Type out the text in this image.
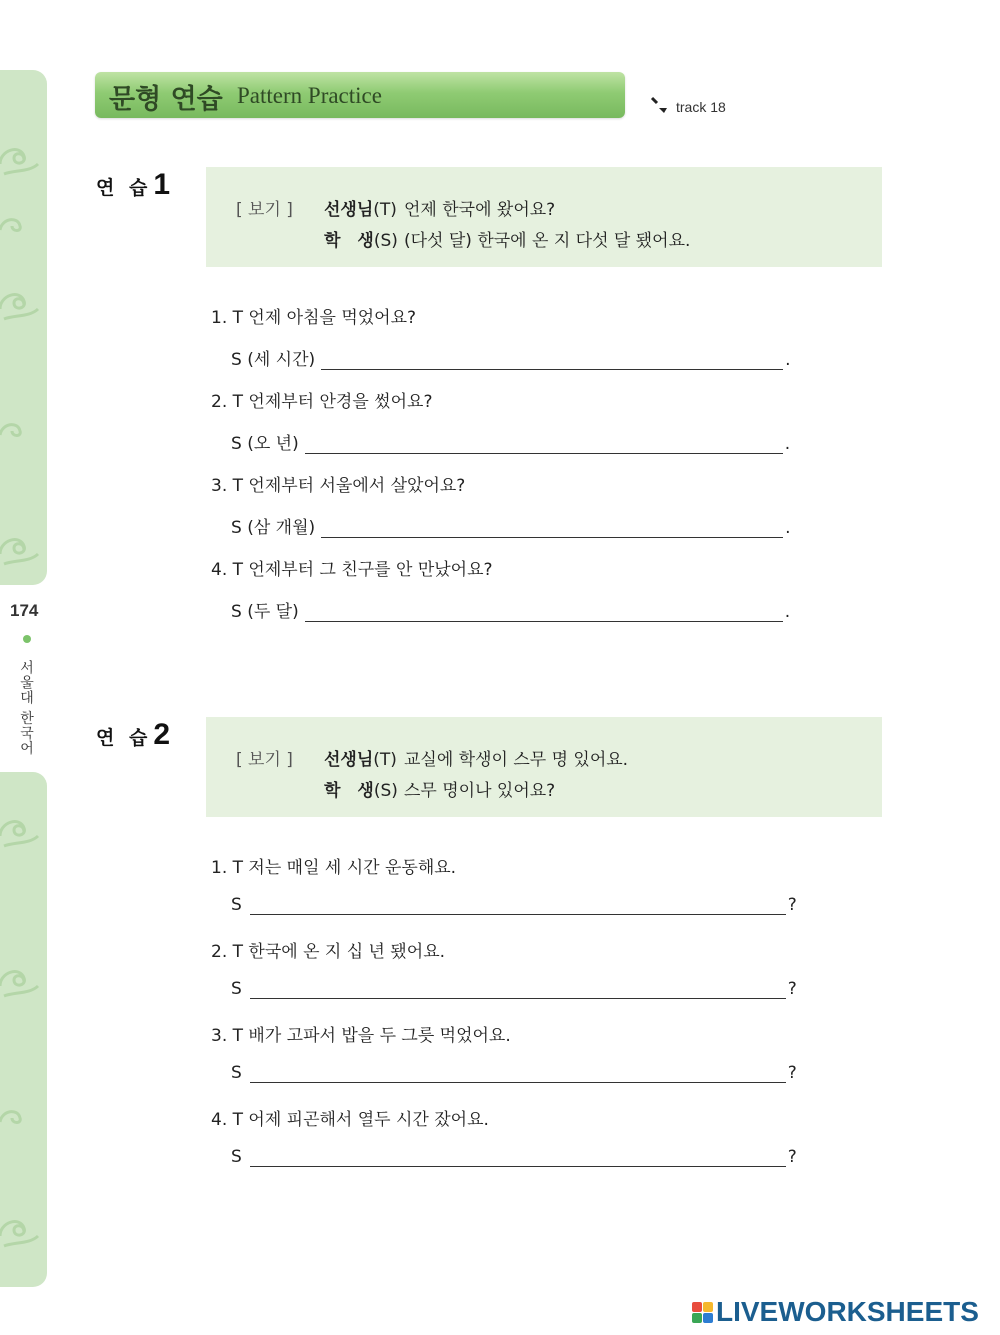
174
서울대 한국어
문형 연습 Pattern Practice	track 18
연 습1
[ 보기 ] 선생님(T) 언제 한국에 왔어요?
학　생(S) (다섯 달) 한국에 온 지 다섯 달 됐어요.
1. T 언제 아침을 먹었어요?
S
(세 시간)	.
2. T 언제부터 안경을 썼어요?
S
(오 년)	.
3. T 언제부터 서울에서 살았어요?
S
(삼 개월)	.
4. T 언제부터 그 친구를 안 만났어요?
S
(두 달)	.
연 습2
[ 보기 ] 선생님(T) 교실에 학생이 스무 명 있어요.
학　생(S) 스무 명이나 있어요?
1. T 저는 매일 세 시간 운동해요.
S	?
2. T 한국에 온 지 십 년 됐어요.
S	?
3. T 배가 고파서 밥을 두 그릇 먹었어요.
S	?
4. T 어제 피곤해서 열두 시간 잤어요.
S	?
LIVEWORKSHEETS
